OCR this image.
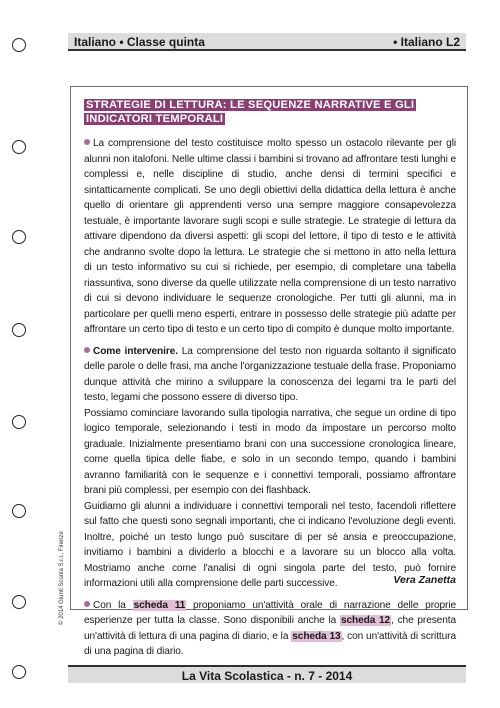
Italiano • Classe quinta	• Italiano L2
STRATEGIE DI LETTURA: LE SEQUENZE NARRATIVE E GLI INDICATORI TEMPORALI

La comprensione del testo costituisce molto spesso un ostacolo rilevante per gli alunni non italofoni. Nelle ultime classi i bambini si trovano ad affrontare testi lunghi e complessi e, nelle discipline di studio, anche densi di termini specifici e sintatticamente complicati. Se uno degli obiettivi della didattica della lettura è anche quello di orientare gli apprendenti verso una sempre maggiore consapevolezza testuale, è importante lavorare sugli scopi e sulle strategie. Le strategie di lettura da attivare dipendono da diversi aspetti: gli scopi del lettore, il tipo di testo e le attività che andranno svolte dopo la lettura. Le strategie che si mettono in atto nella lettura di un testo informativo su cui si richiede, per esempio, di completare una tabella riassuntiva, sono diverse da quelle utilizzate nella comprensione di un testo narrativo di cui si devono individuare le sequenze cronologiche. Per tutti gli alunni, ma in particolare per quelli meno esperti, entrare in possesso delle strategie più adatte per affrontare un certo tipo di testo e un certo tipo di compito è dunque molto importante.

Come intervenire. La comprensione del testo non riguarda soltanto il significato delle parole o delle frasi, ma anche l'organizzazione testuale della frase. Proponiamo dunque attività che mirino a sviluppare la conoscenza dei legami tra le parti del testo, legami che possono essere di diverso tipo.

Possiamo cominciare lavorando sulla tipologia narrativa, che segue un ordine di tipo logico temporale, selezionando i testi in modo da impostare un percorso molto graduale. Inizialmente presentiamo brani con una successione cronologica lineare, come quella tipica delle fiabe, e solo in un secondo tempo, quando i bambini avranno familiarità con le sequenze e i connettivi temporali, possiamo affrontare brani più complessi, per esempio con dei flashback.

Guidiamo gli alunni a individuare i connettivi temporali nel testo, facendoli riflettere sul fatto che questi sono segnali importanti, che ci indicano l'evoluzione degli eventi. Inoltre, poiché un testo lungo può suscitare di per sé ansia e preoccupazione, invitiamo i bambini a dividerlo a blocchi e a lavorare su un blocco alla volta. Mostriamo anche come l'analisi di ogni singola parte del testo, può fornire informazioni utili alla comprensione delle parti successive.

Con la scheda 11 proponiamo un'attività orale di narrazione delle proprie esperienze per tutta la classe. Sono disponibili anche la scheda 12, che presenta un'attività di lettura di una pagina di diario, e la scheda 13, con un'attività di scrittura di una pagina di diario.

Vera Zanetta
© 2014 Giunti Scuola S.r.l., Firenze
La Vita Scolastica - n. 7 - 2014
